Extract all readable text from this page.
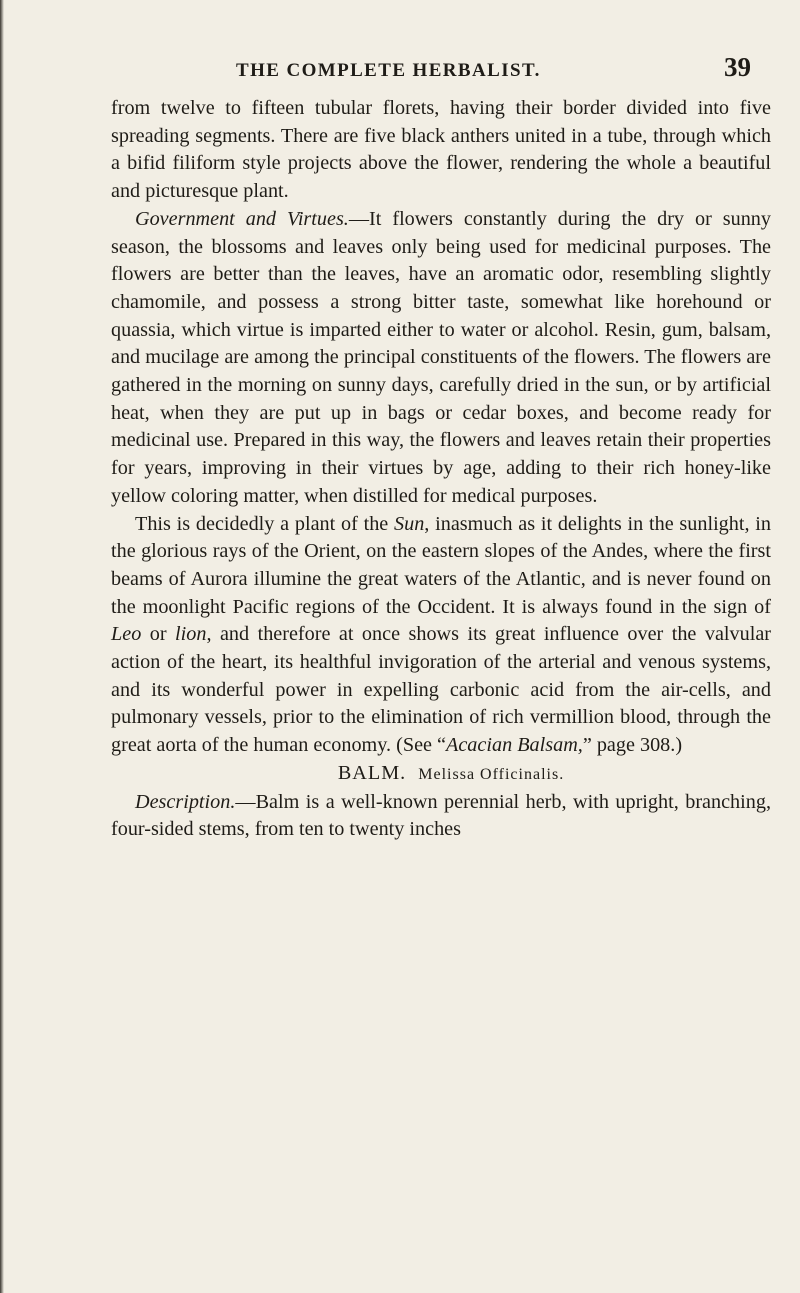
THE COMPLETE HERBALIST.	39

from twelve to fifteen tubular florets, having their border divided into five spreading segments. There are five black anthers united in a tube, through which a bifid filiform style projects above the flower, rendering the whole a beautiful and picturesque plant.

Government and Virtues.—It flowers constantly during the dry or sunny season, the blossoms and leaves only being used for medicinal purposes. The flowers are better than the leaves, have an aromatic odor, resembling slightly chamomile, and possess a strong bitter taste, somewhat like horehound or quassia, which virtue is imparted either to water or alcohol. Resin, gum, balsam, and mucilage are among the principal constituents of the flowers. The flowers are gathered in the morning on sunny days, carefully dried in the sun, or by artificial heat, when they are put up in bags or cedar boxes, and become ready for medicinal use. Prepared in this way, the flowers and leaves retain their properties for years, improving in their virtues by age, adding to their rich honey-like yellow coloring matter, when distilled for medical purposes.

This is decidedly a plant of the Sun, inasmuch as it delights in the sunlight, in the glorious rays of the Orient, on the eastern slopes of the Andes, where the first beams of Aurora illumine the great waters of the Atlantic, and is never found on the moonlight Pacific regions of the Occident. It is always found in the sign of Leo or lion, and therefore at once shows its great influence over the valvular action of the heart, its healthful invigoration of the arterial and venous systems, and its wonderful power in expelling carbonic acid from the air-cells, and pulmonary vessels, prior to the elimination of rich vermillion blood, through the great aorta of the human economy. (See “Acacian Balsam,” page 308.)

BALM. Melissa Officinalis.

Description.—Balm is a well-known perennial herb, with upright, branching, four-sided stems, from ten to twenty inches
